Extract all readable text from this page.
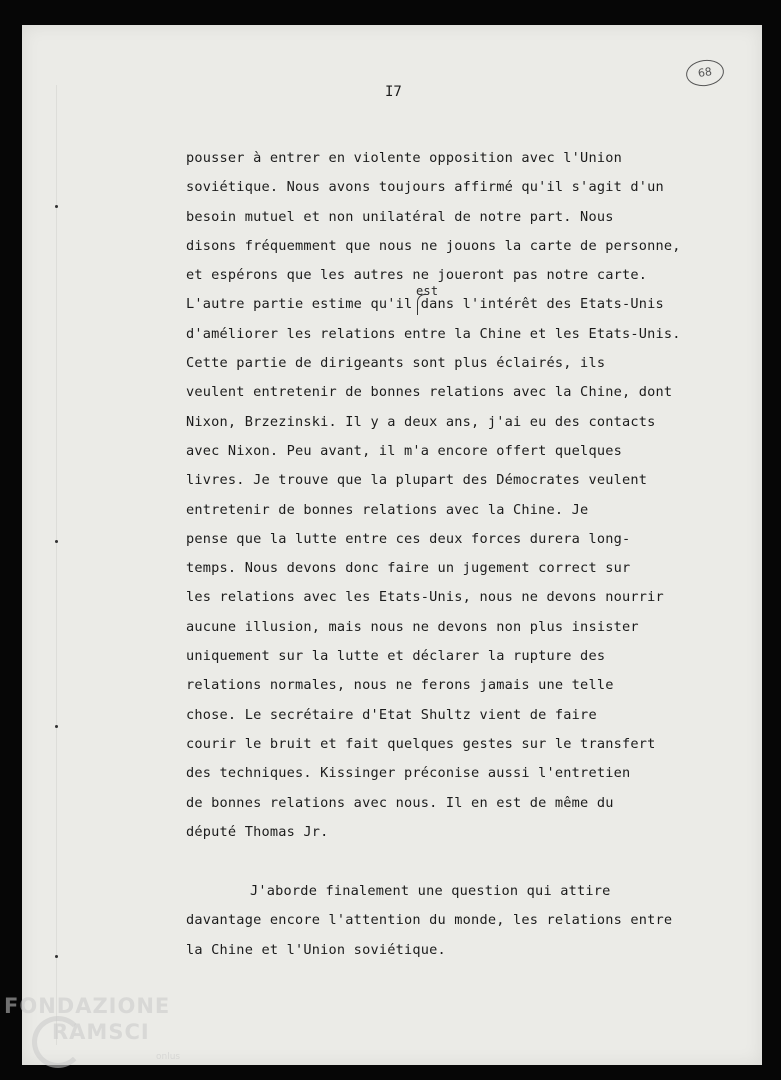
I7
68
pousser à entrer en violente opposition avec l'Union
soviétique. Nous avons toujours affirmé qu'il s'agit d'un
besoin mutuel et non unilatéral de notre part. Nous
disons fréquemment que nous ne jouons la carte de personne,
et espérons que les autres ne joueront pas notre carte.
L'autre partie estime qu'il dans l'intérêt des Etats-Unis
est
d'améliorer les relations entre la Chine et les Etats-Unis.
Cette partie de dirigeants sont plus éclairés, ils
veulent entretenir de bonnes relations avec la Chine, dont
Nixon, Brzezinski. Il y a deux ans, j'ai eu des contacts
avec Nixon. Peu avant, il m'a encore offert quelques
livres. Je trouve que la plupart des Démocrates veulent
entretenir de bonnes relations avec la Chine. Je
pense que la lutte entre ces deux forces durera long-
temps. Nous devons donc faire un jugement correct sur
les relations avec les Etats-Unis, nous ne devons nourrir
aucune illusion, mais nous ne devons non plus insister
uniquement sur la lutte et déclarer la rupture des
relations normales, nous ne ferons jamais une telle
chose. Le secrétaire d'Etat Shultz vient de faire
courir le bruit et fait quelques gestes sur le transfert
des techniques. Kissinger préconise aussi l'entretien
de bonnes relations avec nous. Il en est de même du
député Thomas Jr.
J'aborde finalement une question qui attire
davantage encore l'attention du monde, les relations entre
la Chine et l'Union soviétique.
FONDAZIONE
RAMSCI
onlus
